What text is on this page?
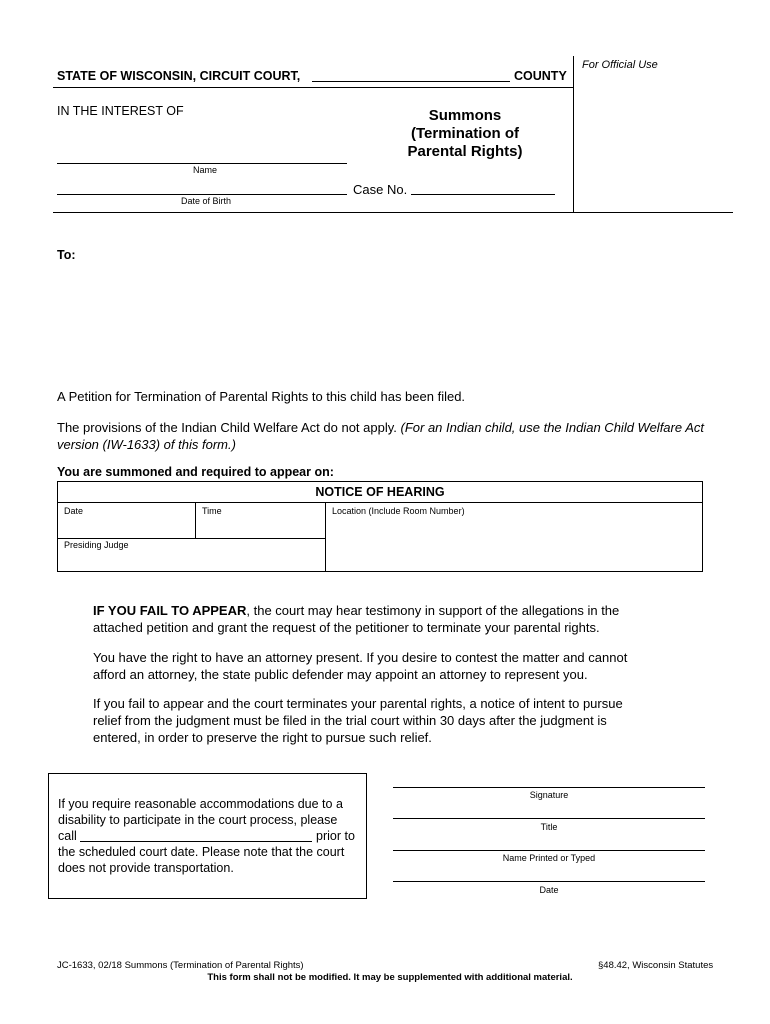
For Official Use
STATE OF WISCONSIN, CIRCUIT COURT,	COUNTY
IN THE INTEREST OF
Name
Date of Birth
Case No.
Summons
(Termination of
Parental Rights)
To:
A Petition for Termination of Parental Rights to this child has been filed.
The provisions of the Indian Child Welfare Act do not apply. (For an Indian child, use the Indian Child Welfare Act version (IW-1633) of this form.)
You are summoned and required to appear on:
NOTICE OF HEARING
Date	Time	Location (Include Room Number)
Presiding Judge
IF YOU FAIL TO APPEAR, the court may hear testimony in support of the allegations in the attached petition and grant the request of the petitioner to terminate your parental rights.
You have the right to have an attorney present. If you desire to contest the matter and cannot afford an attorney, the state public defender may appoint an attorney to represent you.
If you fail to appear and the court terminates your parental rights, a notice of intent to pursue relief from the judgment must be filed in the trial court within 30 days after the judgment is entered, in order to preserve the right to pursue such relief.
If you require reasonable accommodations due to a
disability to participate in the court process, please
call	prior to
the scheduled court date. Please note that the court
does not provide transportation.
Signature
Title
Name Printed or Typed
Date
JC-1633, 02/18 Summons (Termination of Parental Rights)	§48.42, Wisconsin Statutes
This form shall not be modified. It may be supplemented with additional material.
